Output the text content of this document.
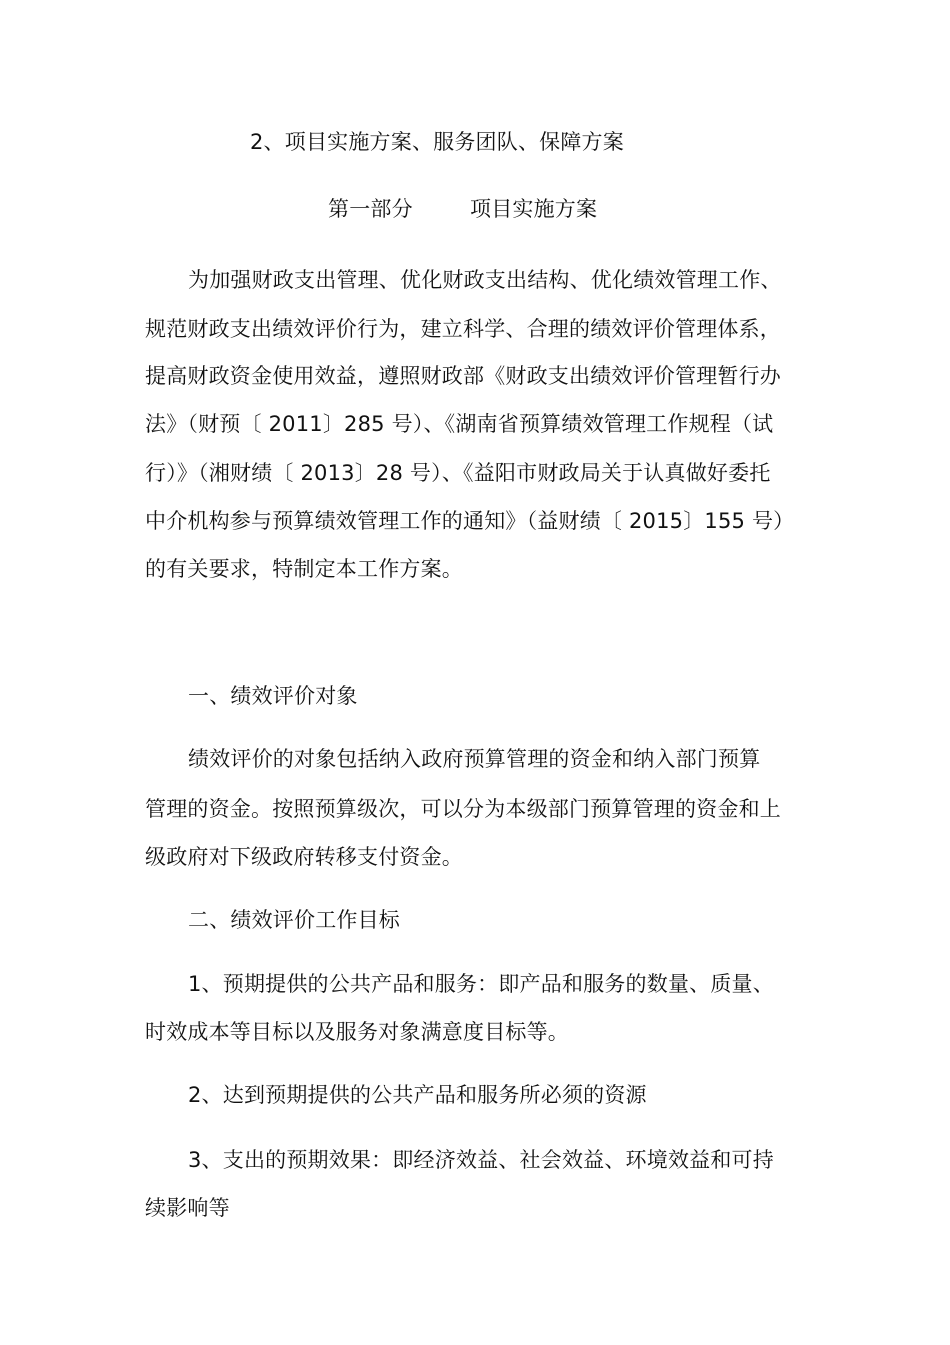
2、项目实施方案、服务团队、保障方案
第一部分	项目实施方案
为加强财政支出管理、优化财政支出结构、优化绩效管理工作、
规范财政支出绩效评价行为，建立科学、合理的绩效评价管理体系，
提高财政资金使用效益，遵照财政部《财政支出绩效评价管理暂行办
法》（财预〔 2011〕285 号）、《湖南省预算绩效管理工作规程（试
行）》（湘财绩〔 2013〕28 号）、《益阳市财政局关于认真做好委托
中介机构参与预算绩效管理工作的通知》（益财绩〔 2015〕155 号）
的有关要求，特制定本工作方案。
一、绩效评价对象
绩效评价的对象包括纳入政府预算管理的资金和纳入部门预算
管理的资金。按照预算级次，可以分为本级部门预算管理的资金和上
级政府对下级政府转移支付资金。
二、绩效评价工作目标
1、预期提供的公共产品和服务：即产品和服务的数量、质量、
时效成本等目标以及服务对象满意度目标等。
2、达到预期提供的公共产品和服务所必须的资源
3、支出的预期效果：即经济效益、社会效益、环境效益和可持
续影响等
